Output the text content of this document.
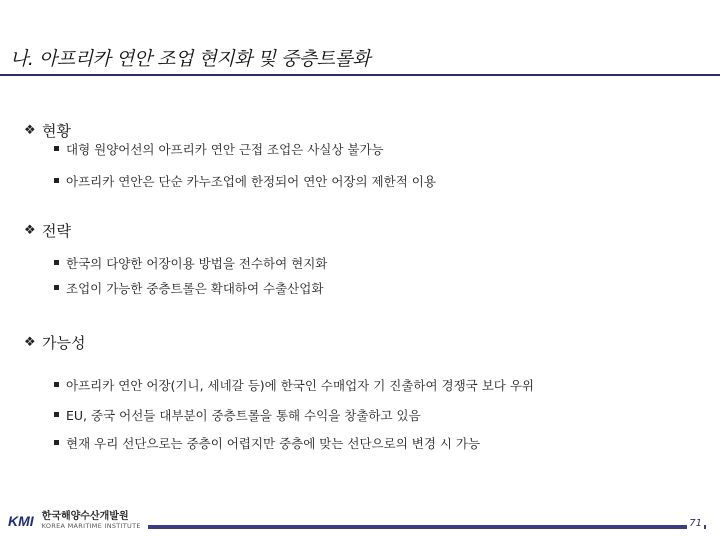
나. 아프리카 연안 조업 현지화 및 중층트롤화
❖ 현황
대형 원양어선의 아프리카 연안 근접 조업은 사실상 불가능
아프리카 연안은 단순 카누조업에 한정되어 연안 어장의 제한적 이용
❖ 전략
한국의 다양한 어장이용 방법을 전수하여 현지화
조업이 가능한 중층트롤은 확대하여 수출산업화
❖ 가능성
아프리카 연안 어장(기니, 세네갈 등)에 한국인 수매업자 기 진출하여 경쟁국 보다 우위
EU, 중국 어선들 대부분이 중층트롤을 통해 수익을 창출하고 있음
현재 우리 선단으로는 중층이 어렵지만 중층에 맞는 선단으로의 변경 시 가능
KMI 한국해양수산개발원
KOREA MARITIME INSTITUTE	71
